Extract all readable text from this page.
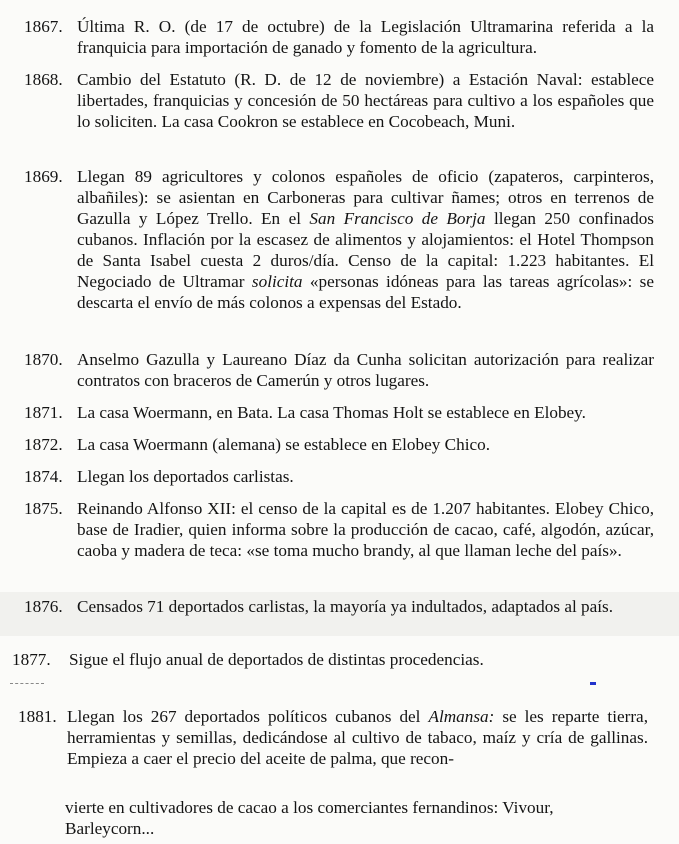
1867. Última R. O. (de 17 de octubre) de la Legislación Ultramarina referida a la franquicia para importación de ganado y fomento de la agricultura.
1868. Cambio del Estatuto (R. D. de 12 de noviembre) a Estación Naval: establece libertades, franquicias y concesión de 50 hectáreas para cultivo a los españoles que lo soliciten. La casa Cookron se establece en Cocobeach, Muni.
1869. Llegan 89 agricultores y colonos españoles de oficio (zapateros, carpinteros, albañiles): se asientan en Carboneras para cultivar ñames; otros en terrenos de Gazulla y López Trello. En el San Francisco de Borja llegan 250 confinados cubanos. Inflación por la escasez de alimentos y alojamientos: el Hotel Thompson de Santa Isabel cuesta 2 duros/día. Censo de la capital: 1.223 habitantes. El Negociado de Ultramar solicita «personas idóneas para las tareas agrícolas»: se descarta el envío de más colonos a expensas del Estado.
1870. Anselmo Gazulla y Laureano Díaz da Cunha solicitan autorización para realizar contratos con braceros de Camerún y otros lugares.
1871. La casa Woermann, en Bata. La casa Thomas Holt se establece en Elobey.
1872. La casa Woermann (alemana) se establece en Elobey Chico.
1874. Llegan los deportados carlistas.
1875. Reinando Alfonso XII: el censo de la capital es de 1.207 habitantes. Elobey Chico, base de Iradier, quien informa sobre la producción de cacao, café, algodón, azúcar, caoba y madera de teca: «se toma mucho brandy, al que llaman leche del país».
1876. Censados 71 deportados carlistas, la mayoría ya indultados, adaptados al país.
1877.	Sigue el flujo anual de deportados de distintas procedencias.
1881. Llegan los 267 deportados políticos cubanos del Almansa: se les reparte tierra, herramientas y semillas, dedicándose al cultivo de tabaco, maíz y cría de gallinas. Empieza a caer el precio del aceite de palma, que recon-
vierte en cultivadores de cacao a los comerciantes fernandinos: Vivour,
Barleycorn...
